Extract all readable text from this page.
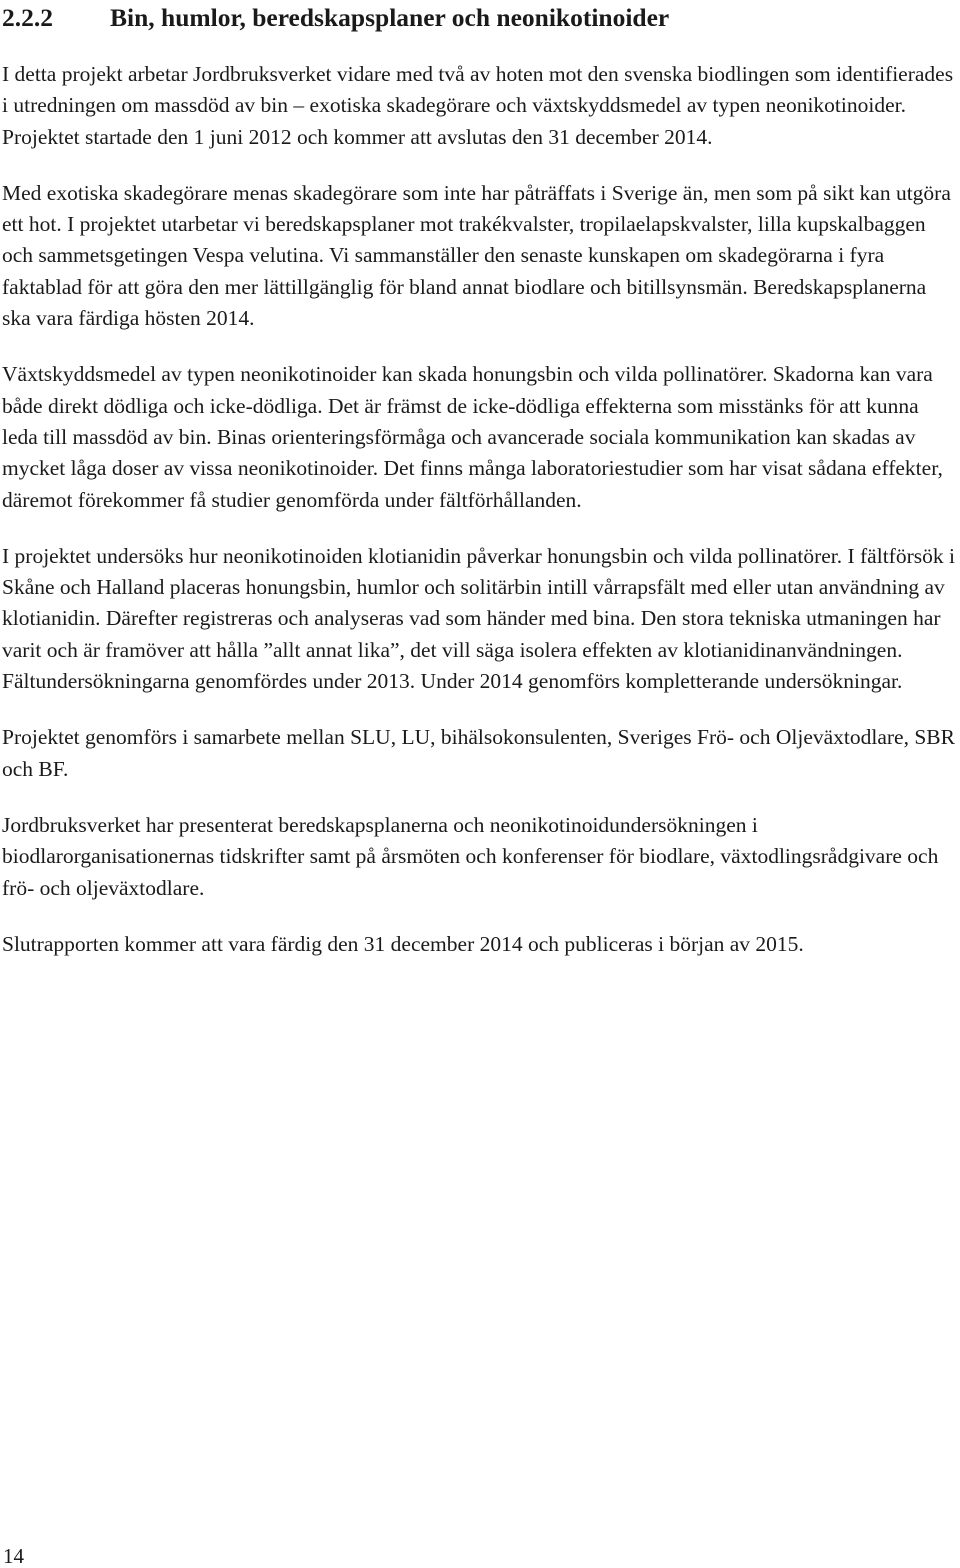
2.2.2 Bin, humlor, beredskapsplaner och neonikotinoider

I detta projekt arbetar Jordbruksverket vidare med två av hoten mot den svenska biodlingen som identifierades i utredningen om massdöd av bin – exotiska skadegörare och växtskyddsmedel av typen neonikotinoider. Projektet startade den 1 juni 2012 och kommer att avslutas den 31 december 2014.

Med exotiska skadegörare menas skadegörare som inte har påträffats i Sverige än, men som på sikt kan utgöra ett hot. I projektet utarbetar vi beredskapsplaner mot trakékvalster, tropilaelapskvalster, lilla kupskalbaggen och sammetsgetingen Vespa velutina. Vi sammanställer den senaste kunskapen om skadegörarna i fyra faktablad för att göra den mer lättillgänglig för bland annat biodlare och bitillsynsmän. Beredskapsplanerna ska vara färdiga hösten 2014.

Växtskyddsmedel av typen neonikotinoider kan skada honungsbin och vilda pollinatörer. Skadorna kan vara både direkt dödliga och icke-dödliga. Det är främst de icke-dödliga effekterna som misstänks för att kunna leda till massdöd av bin. Binas orienteringsförmåga och avancerade sociala kommunikation kan skadas av mycket låga doser av vissa neonikotinoider. Det finns många laboratoriestudier som har visat sådana effekter, däremot förekommer få studier genomförda under fältförhållanden.

I projektet undersöks hur neonikotinoiden klotianidin påverkar honungsbin och vilda pollinatörer. I fältförsök i Skåne och Halland placeras honungsbin, humlor och solitärbin intill vårrapsfält med eller utan användning av klotianidin. Därefter registreras och analyseras vad som händer med bina. Den stora tekniska utmaningen har varit och är framöver att hålla ”allt annat lika”, det vill säga isolera effekten av klotianidinanvändningen. Fältundersökningarna genomfördes under 2013. Under 2014 genomförs kompletterande undersökningar.

Projektet genomförs i samarbete mellan SLU, LU, bihälsokonsulenten, Sveriges Frö- och Oljeväxtodlare, SBR och BF.

Jordbruksverket har presenterat beredskapsplanerna och neonikotinoidundersökningen i biodlarorganisationernas tidskrifter samt på årsmöten och konferenser för biodlare, växtodlingsrådgivare och frö- och oljeväxtodlare.

Slutrapporten kommer att vara färdig den 31 december 2014 och publiceras i början av 2015.

14
